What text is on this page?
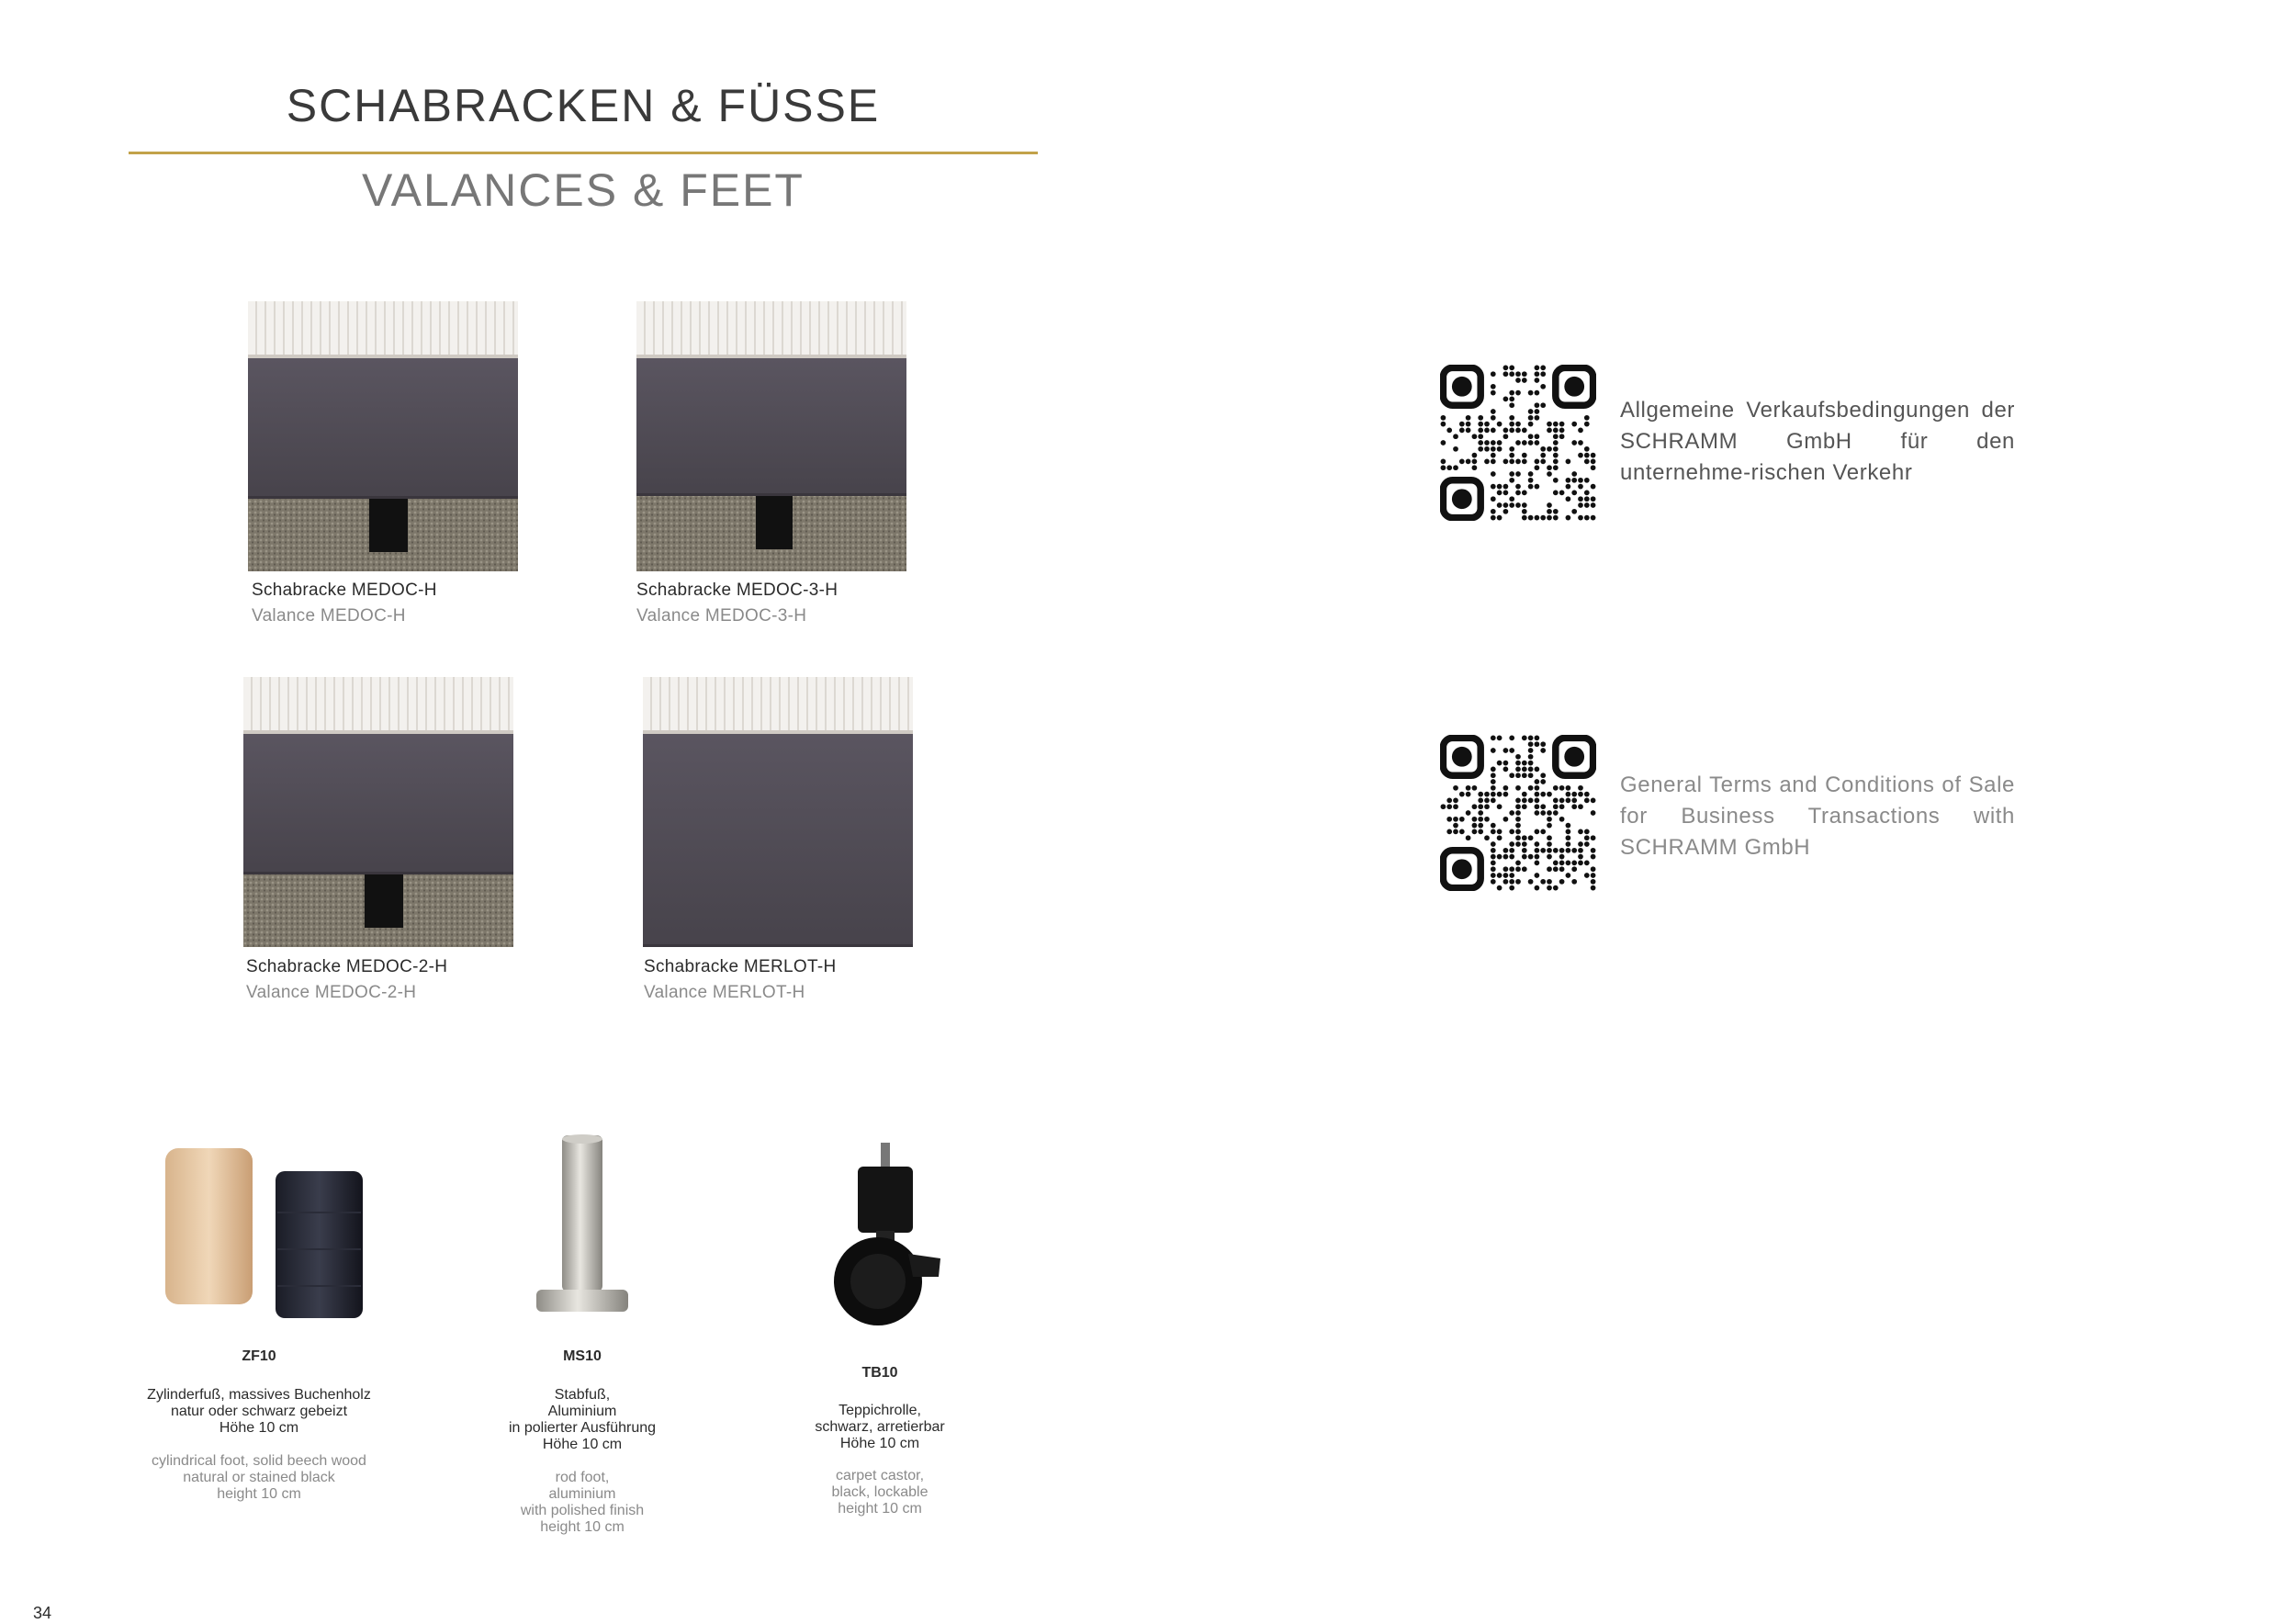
SCHABRACKEN & FÜSSE
VALANCES & FEET
Schabracke MEDOC-H
Valance MEDOC-H
Schabracke MEDOC-3-H
Valance MEDOC-3-H
Schabracke MEDOC-2-H
Valance MEDOC-2-H
Schabracke MERLOT-H
Valance MERLOT-H
ZF10
Zylinderfuß, massives Buchenholz
natur oder schwarz gebeizt
Höhe 10 cm
cylindrical foot, solid beech wood
natural or stained black
height 10 cm
MS10
Stabfuß,
Aluminium
in polierter Ausführung
Höhe 10 cm
rod foot,
aluminium
with polished finish
height 10 cm
TB10
Teppichrolle,
schwarz, arretierbar
Höhe 10 cm
carpet castor,
black, lockable
height 10 cm
Allgemeine Verkaufsbedingungen der SCHRAMM GmbH für den unternehme-rischen Verkehr
General Terms and Conditions of Sale for Business Transactions with SCHRAMM GmbH
34
